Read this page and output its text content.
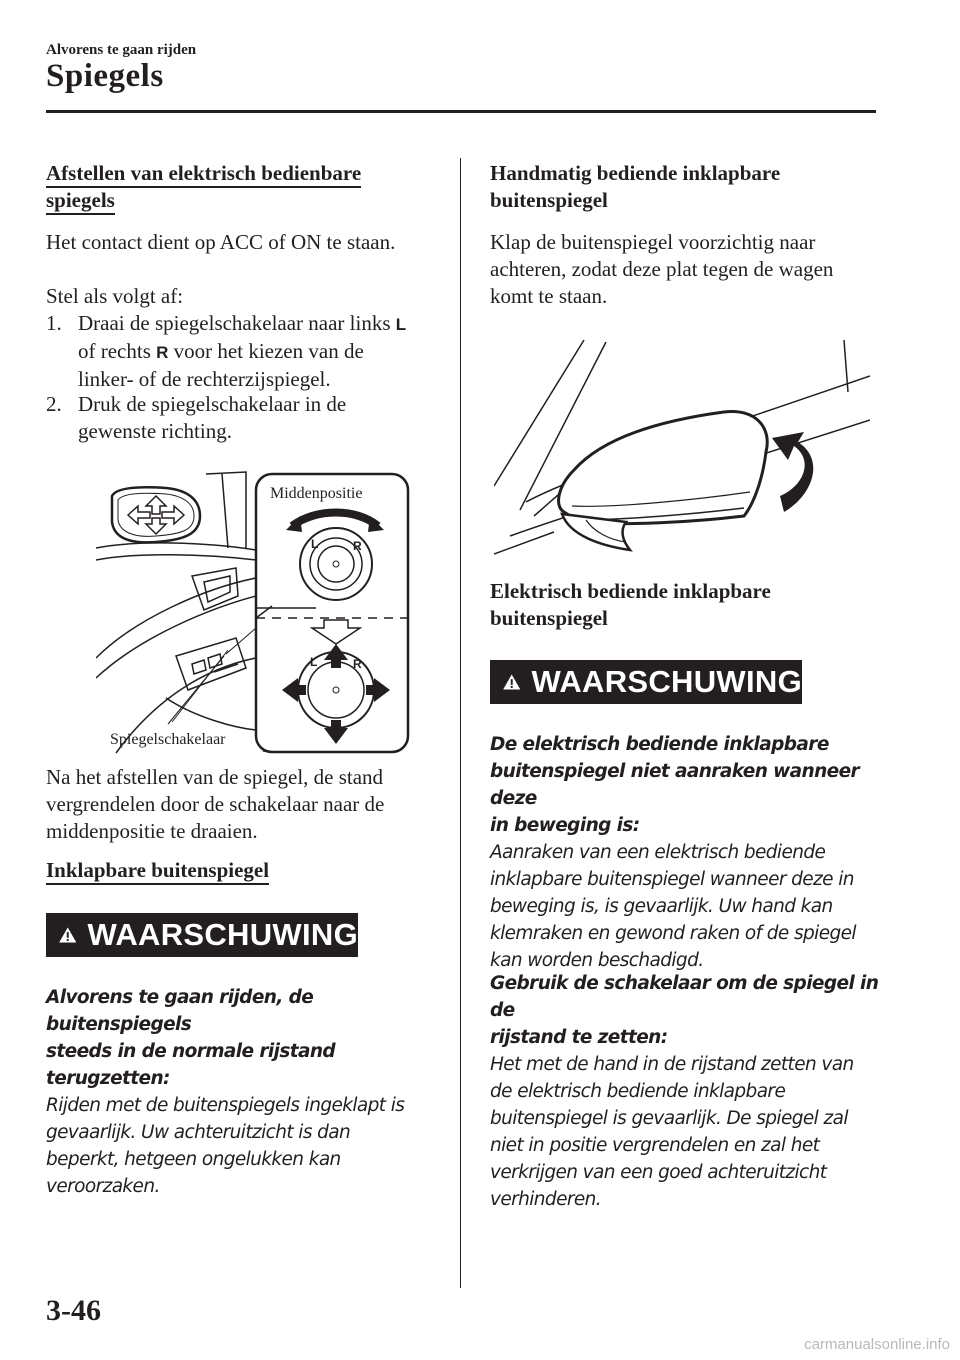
Alvorens te gaan rijden
Spiegels
Afstellen van elektrisch bedienbare
spiegels
Het contact dient op ACC of ON te staan.
Stel als volgt af:
1. Draai de spiegelschakelaar naar links L
of rechts R voor het kiezen van de
linker- of de rechterzijspiegel.
2. Druk de spiegelschakelaar in de
gewenste richting.
L	R
L	R
Middenpositie
Spiegelschakelaar
Na het afstellen van de spiegel, de stand
vergrendelen door de schakelaar naar de
middenpositie te draaien.
Inklapbare buitenspiegel
WAARSCHUWING
Alvorens te gaan rijden, de buitenspiegels
steeds in de normale rijstand terugzetten:
Rijden met de buitenspiegels ingeklapt is
gevaarlijk. Uw achteruitzicht is dan
beperkt, hetgeen ongelukken kan
veroorzaken.
Handmatig bediende inklapbare
buitenspiegel
Klap de buitenspiegel voorzichtig naar
achteren, zodat deze plat tegen de wagen
komt te staan.
Elektrisch bediende inklapbare
buitenspiegel
WAARSCHUWING
De elektrisch bediende inklapbare
buitenspiegel niet aanraken wanneer deze
in beweging is:
Aanraken van een elektrisch bediende
inklapbare buitenspiegel wanneer deze in
beweging is, is gevaarlijk. Uw hand kan
klemraken en gewond raken of de spiegel
kan worden beschadigd.
Gebruik de schakelaar om de spiegel in de
rijstand te zetten:
Het met de hand in de rijstand zetten van
de elektrisch bediende inklapbare
buitenspiegel is gevaarlijk. De spiegel zal
niet in positie vergrendelen en zal het
verkrijgen van een goed achteruitzicht
verhinderen.
3-46
carmanualsonline.info
